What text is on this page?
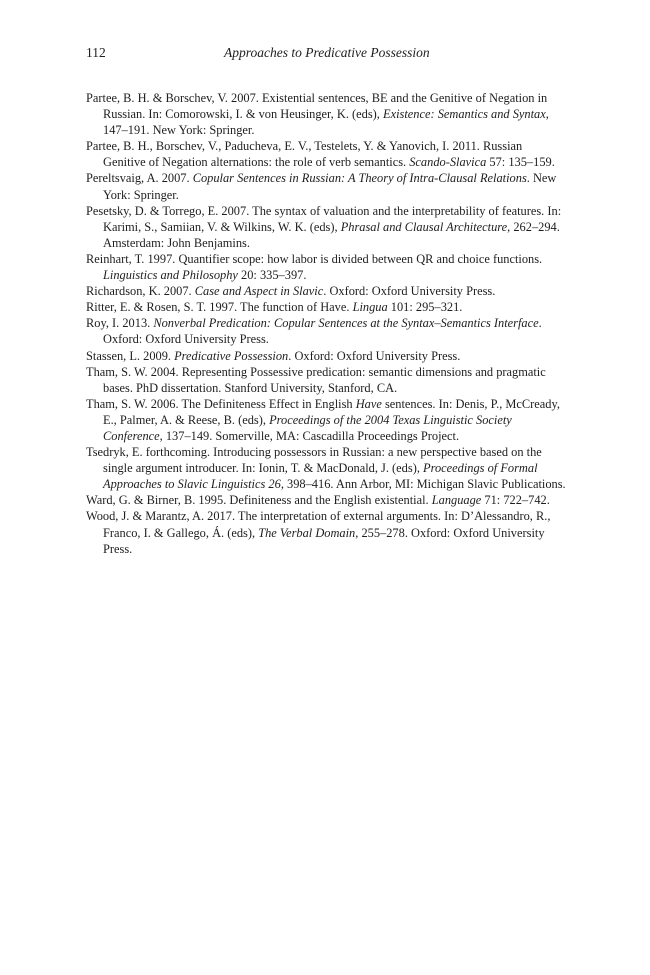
112	Approaches to Predicative Possession
Partee, B. H. & Borschev, V. 2007. Existential sentences, BE and the Genitive of Negation in Russian. In: Comorowski, I. & von Heusinger, K. (eds), Existence: Semantics and Syntax, 147–191. New York: Springer.
Partee, B. H., Borschev, V., Paducheva, E. V., Testelets, Y. & Yanovich, I. 2011. Russian Genitive of Negation alternations: the role of verb semantics. Scando-Slavica 57: 135–159.
Pereltsvaig, A. 2007. Copular Sentences in Russian: A Theory of Intra-Clausal Relations. New York: Springer.
Pesetsky, D. & Torrego, E. 2007. The syntax of valuation and the interpretability of features. In: Karimi, S., Samiian, V. & Wilkins, W. K. (eds), Phrasal and Clausal Architecture, 262–294. Amsterdam: John Benjamins.
Reinhart, T. 1997. Quantifier scope: how labor is divided between QR and choice functions. Linguistics and Philosophy 20: 335–397.
Richardson, K. 2007. Case and Aspect in Slavic. Oxford: Oxford University Press.
Ritter, E. & Rosen, S. T. 1997. The function of Have. Lingua 101: 295–321.
Roy, I. 2013. Nonverbal Predication: Copular Sentences at the Syntax–Semantics Interface. Oxford: Oxford University Press.
Stassen, L. 2009. Predicative Possession. Oxford: Oxford University Press.
Tham, S. W. 2004. Representing Possessive predication: semantic dimensions and pragmatic bases. PhD dissertation. Stanford University, Stanford, CA.
Tham, S. W. 2006. The Definiteness Effect in English Have sentences. In: Denis, P., McCready, E., Palmer, A. & Reese, B. (eds), Proceedings of the 2004 Texas Linguistic Society Conference, 137–149. Somerville, MA: Cascadilla Proceedings Project.
Tsedryk, E. forthcoming. Introducing possessors in Russian: a new perspective based on the single argument introducer. In: Ionin, T. & MacDonald, J. (eds), Proceedings of Formal Approaches to Slavic Linguistics 26, 398–416. Ann Arbor, MI: Michigan Slavic Publications.
Ward, G. & Birner, B. 1995. Definiteness and the English existential. Language 71: 722–742.
Wood, J. & Marantz, A. 2017. The interpretation of external arguments. In: D’Alessandro, R., Franco, I. & Gallego, Á. (eds), The Verbal Domain, 255–278. Oxford: Oxford University Press.
